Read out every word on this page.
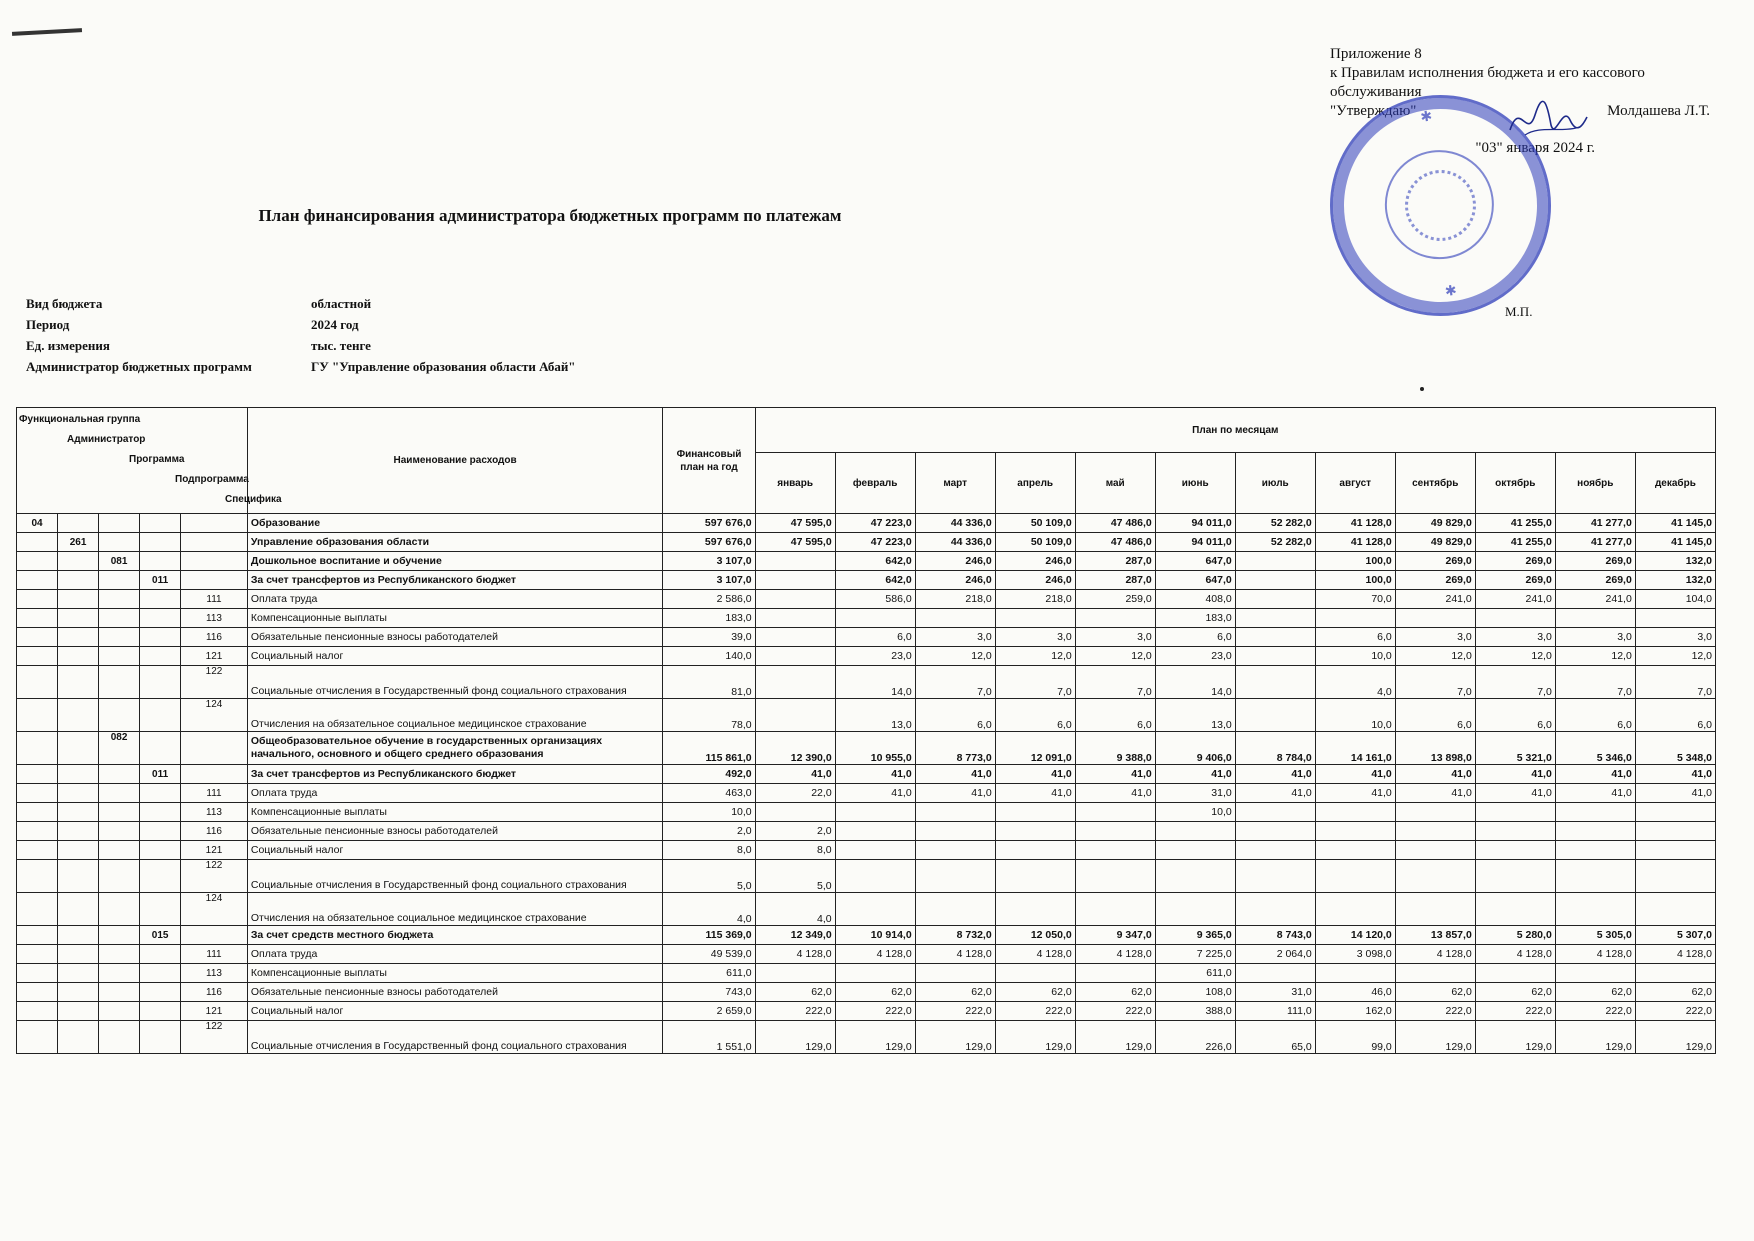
Приложение 8
к Правилам исполнения бюджета и его кассового обслуживания
"Утверждаю"	Молдашева Л.Т.
"03" января 2024 г.
✱
✱
М.П.
План финансирования администратора бюджетных программ по платежам
Вид бюджета	областной
Период	2024 год
Ед. измерения	тыс. тенге
Администратор бюджетных программ	ГУ "Управление образования области Абай"
Функциональная группа
Администратор
Программа
Подпрограмма
Специфика					Наименование расходов	Финансовый план на год	План по месяцам											
							январь	февраль	март	апрель	май	июнь	июль	август	сентябрь	октябрь	ноябрь	декабрь
04					Образование	597 676,0	47 595,0	47 223,0	44 336,0	50 109,0	47 486,0	94 011,0	52 282,0	41 128,0	49 829,0	41 255,0	41 277,0	41 145,0
	261				Управление образования области	597 676,0	47 595,0	47 223,0	44 336,0	50 109,0	47 486,0	94 011,0	52 282,0	41 128,0	49 829,0	41 255,0	41 277,0	41 145,0
		081			Дошкольное воспитание и обучение	3 107,0		642,0	246,0	246,0	287,0	647,0		100,0	269,0	269,0	269,0	132,0
			011		За счет трансфертов из Республиканского бюджет	3 107,0		642,0	246,0	246,0	287,0	647,0		100,0	269,0	269,0	269,0	132,0
				111	Оплата труда	2 586,0		586,0	218,0	218,0	259,0	408,0		70,0	241,0	241,0	241,0	104,0
				113	Компенсационные выплаты	183,0						183,0						
				116	Обязательные пенсионные взносы работодателей	39,0		6,0	3,0	3,0	3,0	6,0		6,0	3,0	3,0	3,0	3,0
				121	Социальный налог	140,0		23,0	12,0	12,0	12,0	23,0		10,0	12,0	12,0	12,0	12,0
				122	Социальные отчисления в Государственный фонд социального страхования	81,0		14,0	7,0	7,0	7,0	14,0		4,0	7,0	7,0	7,0	7,0
				124	Отчисления на обязательное социальное медицинское страхование	78,0		13,0	6,0	6,0	6,0	13,0		10,0	6,0	6,0	6,0	6,0
		082			Общеобразовательное обучение в государственных организациях начального, основного и общего среднего образования	115 861,0	12 390,0	10 955,0	8 773,0	12 091,0	9 388,0	9 406,0	8 784,0	14 161,0	13 898,0	5 321,0	5 346,0	5 348,0
			011		За счет трансфертов из Республиканского бюджет	492,0	41,0	41,0	41,0	41,0	41,0	41,0	41,0	41,0	41,0	41,0	41,0	41,0
				111	Оплата труда	463,0	22,0	41,0	41,0	41,0	41,0	31,0	41,0	41,0	41,0	41,0	41,0	41,0
				113	Компенсационные выплаты	10,0						10,0						
				116	Обязательные пенсионные взносы работодателей	2,0	2,0											
				121	Социальный налог	8,0	8,0											
				122	Социальные отчисления в Государственный фонд социального страхования	5,0	5,0											
				124	Отчисления на обязательное социальное медицинское страхование	4,0	4,0											
			015		За счет средств местного бюджета	115 369,0	12 349,0	10 914,0	8 732,0	12 050,0	9 347,0	9 365,0	8 743,0	14 120,0	13 857,0	5 280,0	5 305,0	5 307,0
				111	Оплата труда	49 539,0	4 128,0	4 128,0	4 128,0	4 128,0	4 128,0	7 225,0	2 064,0	3 098,0	4 128,0	4 128,0	4 128,0	4 128,0
				113	Компенсационные выплаты	611,0						611,0						
				116	Обязательные пенсионные взносы работодателей	743,0	62,0	62,0	62,0	62,0	62,0	108,0	31,0	46,0	62,0	62,0	62,0	62,0
				121	Социальный налог	2 659,0	222,0	222,0	222,0	222,0	222,0	388,0	111,0	162,0	222,0	222,0	222,0	222,0
				122	Социальные отчисления в Государственный фонд социального страхования	1 551,0	129,0	129,0	129,0	129,0	129,0	226,0	65,0	99,0	129,0	129,0	129,0	129,0
